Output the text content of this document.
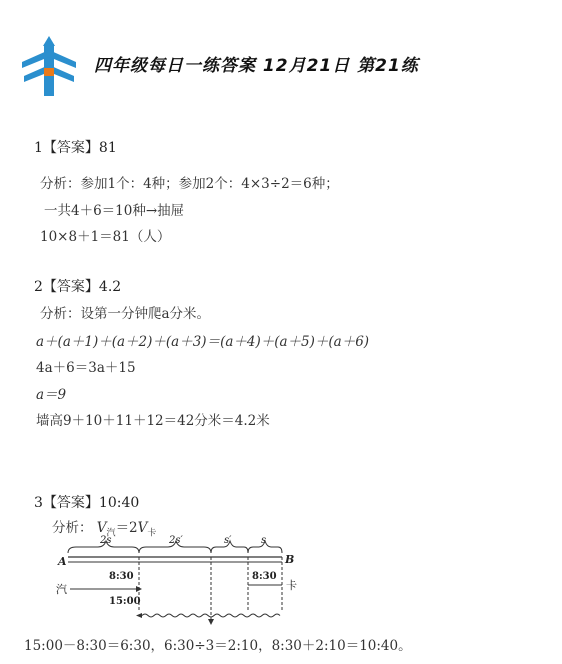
四年级每日一练答案 12月21日 第21练
1【答案】81
分析：参加1个：4种；参加2个：4×3÷2＝6种；
一共4＋6＝10种→抽屉
10×8＋1＝81（人）
2【答案】4.2
分析：设第一分钟爬a分米。
a＋(a＋1)＋(a＋2)＋(a＋3)＝(a＋4)＋(a＋5)＋(a＋6)
4a＋6＝3a＋15
a＝9
墙高9＋10＋11＋12＝42分米＝4.2米
3【答案】10:40
分析： $V_汽=2V_卡$
2s	2s′	s′	s
A	B
汽
8:30
15:00
8:30
卡
15:00－8:30＝6:30，6:30÷3＝2:10，8:30＋2:10＝10:40。
